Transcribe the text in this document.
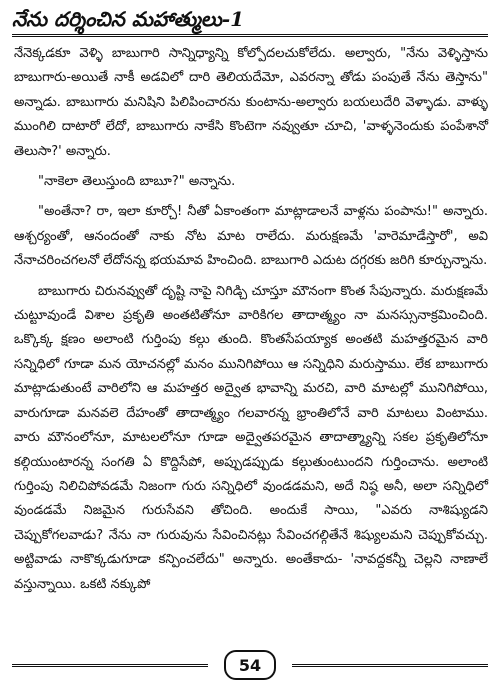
నేను దర్శించిన మహాత్ములు-1

నేనెక్కడకూ వెళ్ళి బాబుగారి సాన్నిధ్యాన్ని కోల్పోదలచుకోలేదు. అల్వారు, "నేను వెళ్ళిస్తాను బాబుగారు-అయితే నాకీ అడవిలో దారి తెలియదేమో, ఎవరన్నా తోడు పంపుతే నేను తెస్తాను" అన్నాడు. బాబుగారు మనిషిని పిలిపించారను కుంటాను-అల్వారు బయలుదేరి వెళ్ళాడు. వాళ్ళు ముంగిలి దాటారో లేదో, బాబుగారు నాకేసి కొంటెగా నవ్వుతూ చూచి, 'వాళ్ళనెందుకు పంపేశానో తెలుసా?' అన్నారు.

"నాకెలా తెలుస్తుంది బాబూ?" అన్నాను.

"అంతేనా? రా, ఇలా కూర్చో! నీతో ఏకాంతంగా మాట్లాడాలనే వాళ్లను పంపాను!" అన్నారు. ఆశ్చర్యంతో, ఆనందంతో నాకు నోట మాట రాలేదు. మరుక్షణమే 'వారెమాడేస్తారో', అవి నేనాచరించగలనో లేదోనన్న భయమావ హించింది. బాబుగారి ఎదుట దగ్గరకు జరిగి కూర్చున్నాను.

బాబుగారు చిరునవ్వుతో దృష్టి నాపై నిగిడ్చి చూస్తూ మౌనంగా కొంత సేపున్నారు. మరుక్షణమే చుట్టూవుండే విశాల ప్రకృతి అంతటితోనూ వారికిగల తాదాత్మ్యం నా మనస్సునాక్రమించింది. ఒక్కొక్క క్షణం అలాంటి గుర్తింపు కల్గు తుంది. కొంతసేపయ్యాక అంతటి మహత్తరమైన వారి సన్నిధిలో గూడా మన యోచనల్లో మనం మునిగిపోయి ఆ సన్నిధిని మరుస్తాము. లేక బాబుగారు మాట్లాడుతుంటే వారిలోని ఆ మహత్తర అద్వైత భావాన్ని మరచి, వారి మాటల్లో మునిగిపోయి, వారుగూడా మనవలె దేహంతో తాదాత్మ్యం గలవారన్న భ్రాంతిలోనే వారి మాటలు వింటాము. వారు మౌనంలోనూ, మాటలలోనూ గూడా అద్వైతపరమైన తాదాత్మ్యాన్ని సకల ప్రకృతిలోనూ కల్గియుంటారన్న సంగతి ఏ కొద్దిసేపో, అప్పుడప్పుడు కల్గుతుంటుందని గుర్తించాను. అలాంటి గుర్తింపు నిలిచిపోవడమే నిజంగా గురు సన్నిధిలో వుండడమని, అదే నిష్ఠ అనీ, అలా సన్నిధిలో వుండడమే నిజమైన గురుసేవని తోచింది. అందుకే సాయి, "ఎవరు నాశిష్యుడని చెప్పుకోగలవాడు? నేను నా గురువును సేవించినట్లు సేవించగల్గితేనే శిష్యులమని చెప్పుకోవచ్చు. అట్టివాడు నాకొక్కడుగూడా కన్పించలేదు" అన్నారు. అంతేకాదు- 'నావద్దకన్నీ చెల్లని నాణాలే వస్తున్నాయి. ఒకటి నక్కుపో

54
